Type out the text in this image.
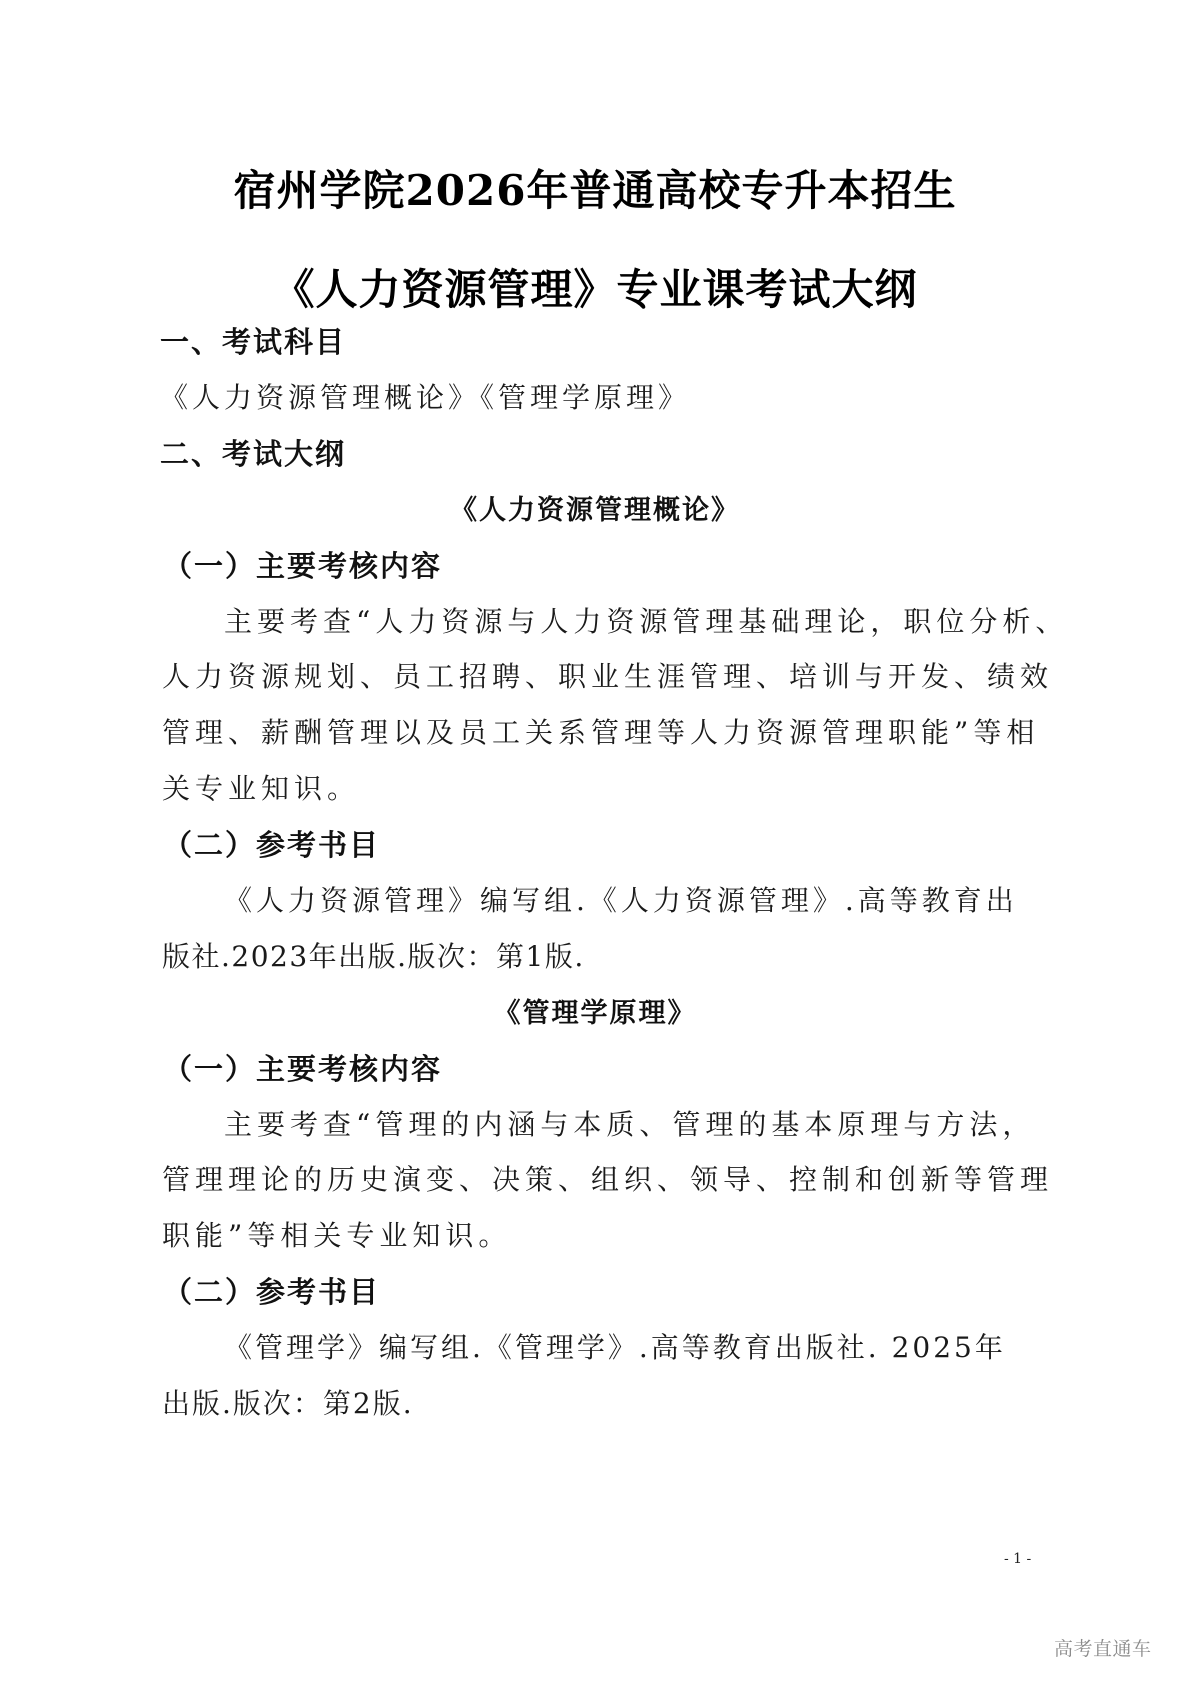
宿州学院2026年普通高校专升本招生
《人力资源管理》专业课考试大纲
一、考试科目
《人力资源管理概论》《管理学原理》
二、考试大纲
《人力资源管理概论》
（一）主要考核内容
主要考查“人力资源与人力资源管理基础理论，职位分析、
人力资源规划、员工招聘、职业生涯管理、培训与开发、绩效
管理、薪酬管理以及员工关系管理等人力资源管理职能”等相
关专业知识。
（二）参考书目
《人力资源管理》编写组.《人力资源管理》.高等教育出
版社.2023年出版.版次：第1版.
《管理学原理》
（一）主要考核内容
主要考查“管理的内涵与本质、管理的基本原理与方法，
管理理论的历史演变、决策、组织、领导、控制和创新等管理
职能”等相关专业知识。
（二）参考书目
《管理学》编写组.《管理学》.高等教育出版社. 2025年
出版.版次：第2版.
- 1 -
高考直通车
